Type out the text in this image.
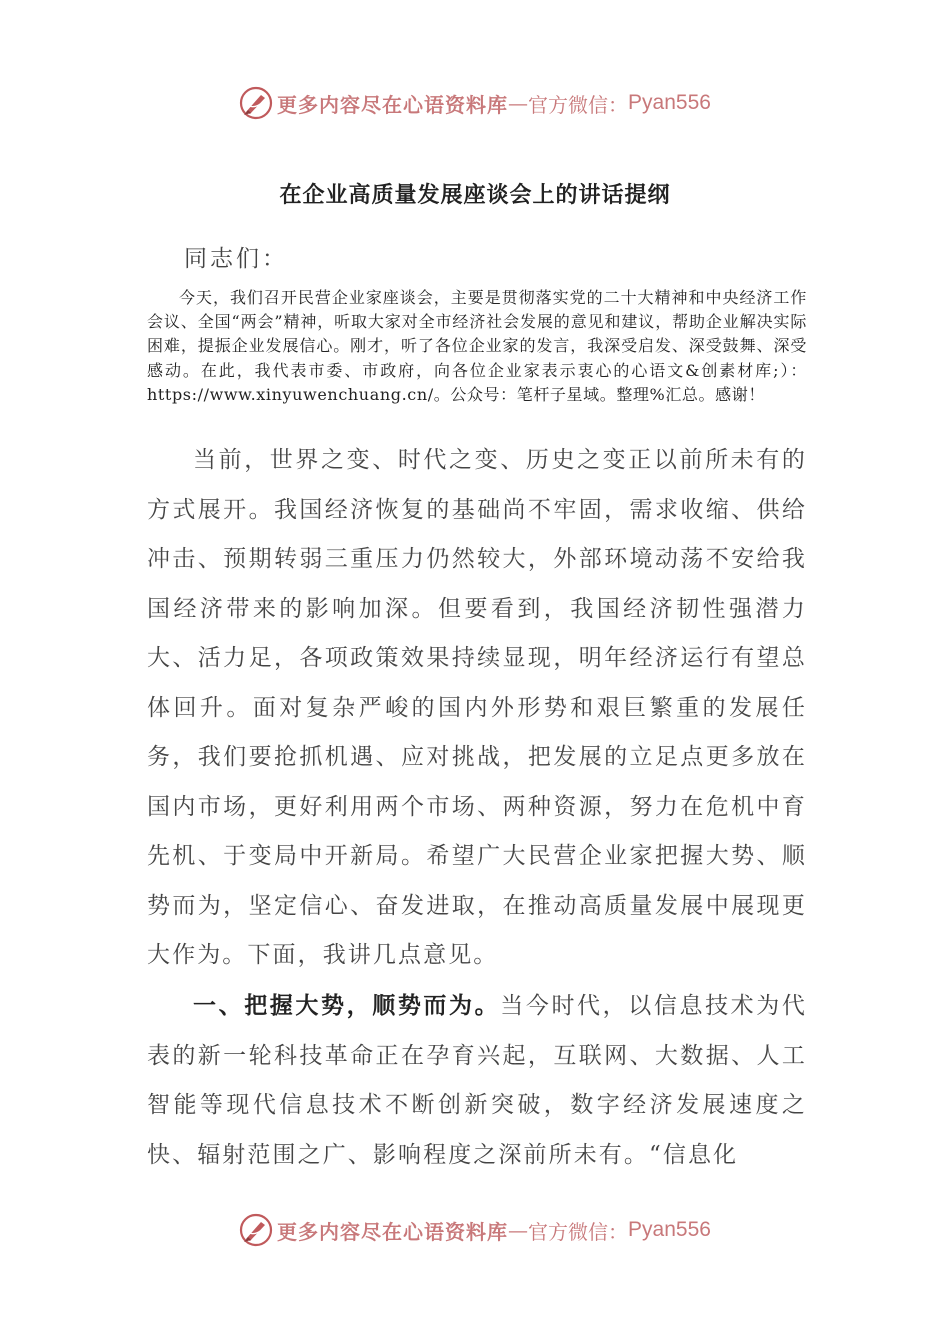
更多内容尽在心语资料库 — 官方微信： Pyan556
在企业高质量发展座谈会上的讲话提纲
同志们：
今天，我们召开民营企业家座谈会，主要是贯彻落实党的二十大精神和中央经济工作会议、全国“两会”精神，听取大家对全市经济社会发展的意见和建议，帮助企业解决实际困难，提振企业发展信心。刚才，听了各位企业家的发言，我深受启发、深受鼓舞、深受感动。在此，我代表市委、市政府，向各位企业家表示衷心的心语文&创素材库;）：https://www.xinyuwenchuang.cn/。公众号：笔杆子星域。整理%汇总。感谢！
当前，世界之变、时代之变、历史之变正以前所未有的方式展开。我国经济恢复的基础尚不牢固，需求收缩、供给冲击、预期转弱三重压力仍然较大，外部环境动荡不安给我国经济带来的影响加深。但要看到，我国经济韧性强潜力大、活力足，各项政策效果持续显现，明年经济运行有望总体回升。面对复杂严峻的国内外形势和艰巨繁重的发展任务，我们要抢抓机遇、应对挑战，把发展的立足点更多放在国内市场，更好利用两个市场、两种资源，努力在危机中育先机、于变局中开新局。希望广大民营企业家把握大势、顺势而为，坚定信心、奋发进取，在推动高质量发展中展现更大作为。下面，我讲几点意见。
一、把握大势，顺势而为。当今时代，以信息技术为代表的新一轮科技革命正在孕育兴起，互联网、大数据、人工智能等现代信息技术不断创新突破，数字经济发展速度之快、辐射范围之广、影响程度之深前所未有。“信息化
更多内容尽在心语资料库 — 官方微信： Pyan556
